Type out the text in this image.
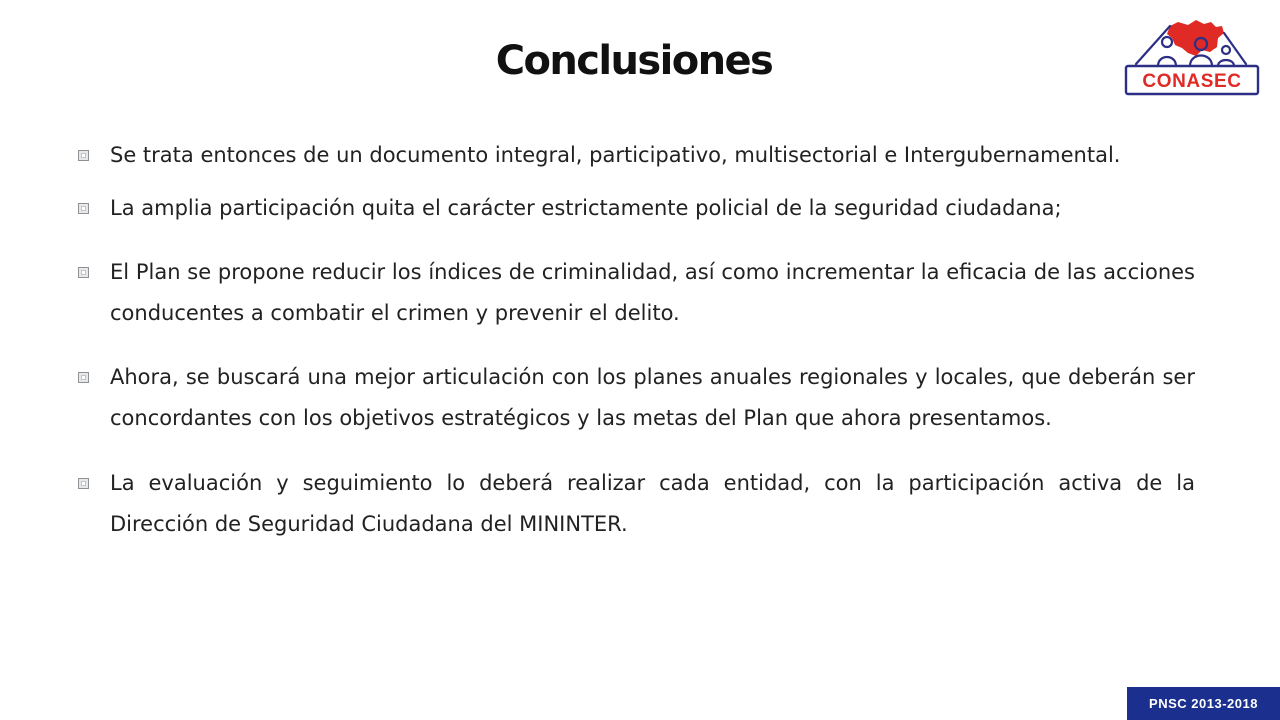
Conclusiones	CONASEC
Se trata entonces de un documento integral, participativo, multisectorial e Intergubernamental.
La amplia participación quita el carácter estrictamente policial de la seguridad ciudadana;
El Plan se propone reducir los índices de criminalidad, así como incrementar la eficacia de las acciones conducentes a combatir el crimen y prevenir el delito.
Ahora, se buscará una mejor articulación con los planes anuales regionales y locales, que deberán ser concordantes con los objetivos estratégicos y las metas del Plan que ahora presentamos.
La evaluación y seguimiento lo deberá realizar cada entidad, con la participación activa de la Dirección de Seguridad Ciudadana del MININTER.
PNSC 2013-2018
